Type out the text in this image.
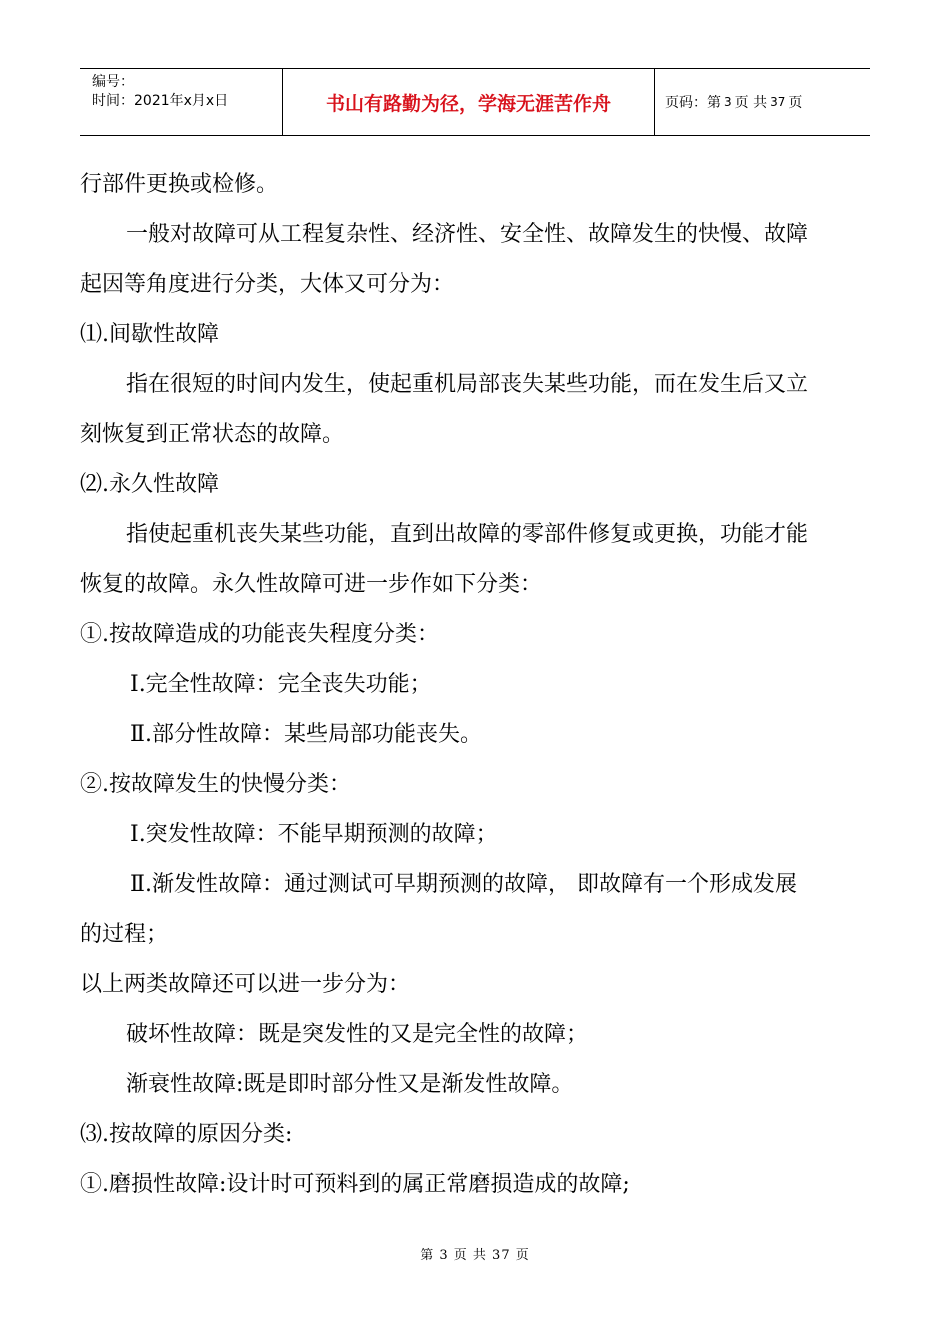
编号：
时间：2021年x月x日	书山有路勤为径，学海无涯苦作舟	页码：第 3 页 共 37 页

行部件更换或检修。

一般对故障可从工程复杂性、经济性、安全性、故障发生的快慢、故障

起因等角度进行分类，大体又可分为：

⑴.间歇性故障

指在很短的时间内发生，使起重机局部丧失某些功能，而在发生后又立

刻恢复到正常状态的故障。

⑵.永久性故障

指使起重机丧失某些功能，直到出故障的零部件修复或更换，功能才能

恢复的故障。永久性故障可进一步作如下分类：

①.按故障造成的功能丧失程度分类：

Ⅰ.完全性故障：完全丧失功能；

Ⅱ.部分性故障：某些局部功能丧失。

②.按故障发生的快慢分类：

Ⅰ.突发性故障：不能早期预测的故障；

Ⅱ.渐发性故障：通过测试可早期预测的故障， 即故障有一个形成发展

的过程；

以上两类故障还可以进一步分为：

破坏性故障：既是突发性的又是完全性的故障；

渐衰性故障:既是即时部分性又是渐发性故障。

⑶.按故障的原因分类:

①.磨损性故障:设计时可预料到的属正常磨损造成的故障;

第 3 页 共 37 页
